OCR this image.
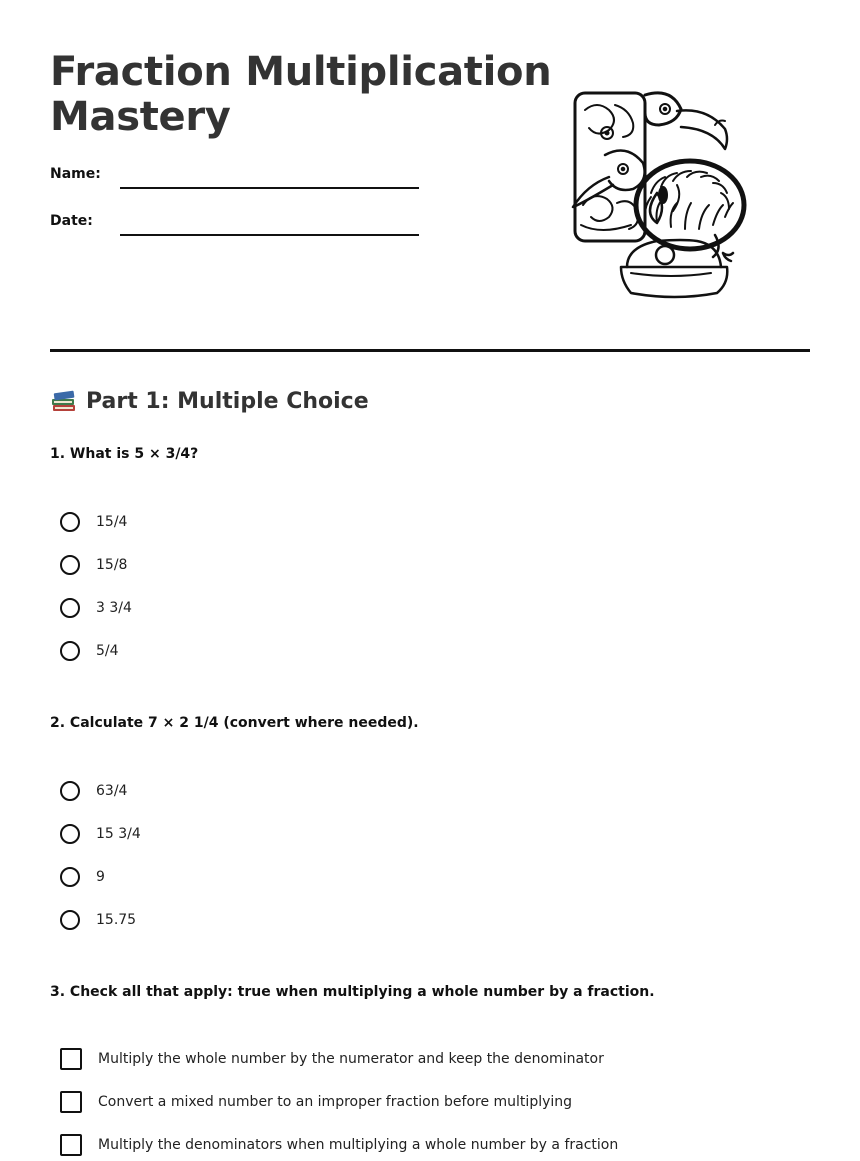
Fraction Multiplication
Mastery
Name:
Date:
Part 1: Multiple Choice
1. What is 5 × 3/4?
15/4
15/8
3 3/4
5/4
2. Calculate 7 × 2 1/4 (convert where needed).
63/4
15 3/4
9
15.75
3. Check all that apply: true when multiplying a whole number by a fraction.
Multiply the whole number by the numerator and keep the denominator
Convert a mixed number to an improper fraction before multiplying
Multiply the denominators when multiplying a whole number by a fraction
